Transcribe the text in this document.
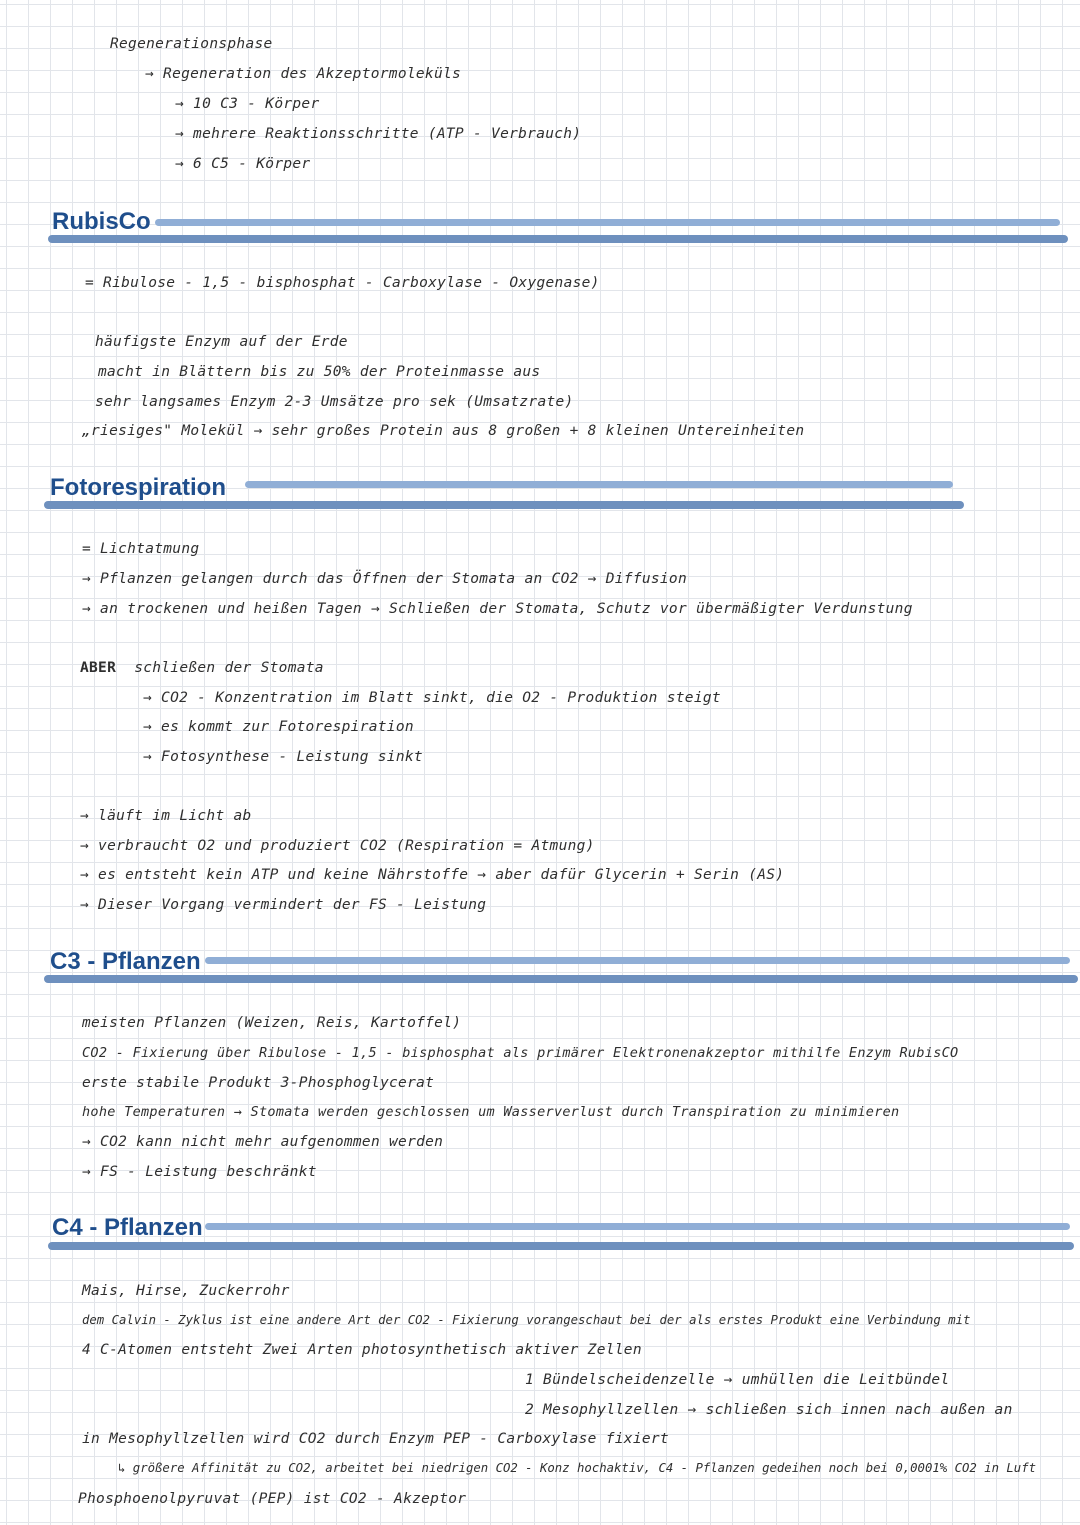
Regenerationsphase
→ Regeneration des Akzeptormoleküls
→ 10 C3 - Körper
→ mehrere Reaktionsschritte (ATP - Verbrauch)
→ 6 C5 - Körper
RubisCo
= Ribulose - 1,5 - bisphosphat - Carboxylase - Oxygenase)
häufigste Enzym auf der Erde
macht in Blättern bis zu 50% der Proteinmasse aus
sehr langsames Enzym 2-3 Umsätze pro sek (Umsatzrate)
„riesiges" Molekül → sehr großes Protein aus 8 großen + 8 kleinen Untereinheiten
Fotorespiration
= Lichtatmung
→ Pflanzen gelangen durch das Öffnen der Stomata an CO2 → Diffusion
→ an trockenen und heißen Tagen → Schließen der Stomata, Schutz vor übermäßigter Verdunstung
ABER schließen der Stomata
→ CO2 - Konzentration im Blatt sinkt, die O2 - Produktion steigt
→ es kommt zur Fotorespiration
→ Fotosynthese - Leistung sinkt
→ läuft im Licht ab
→ verbraucht O2 und produziert CO2 (Respiration = Atmung)
→ es entsteht kein ATP und keine Nährstoffe → aber dafür Glycerin + Serin (AS)
→ Dieser Vorgang vermindert der FS - Leistung
C3 - Pflanzen
meisten Pflanzen (Weizen, Reis, Kartoffel)
CO2 - Fixierung über Ribulose - 1,5 - bisphosphat als primärer Elektronenakzeptor mithilfe Enzym RubisCO
erste stabile Produkt 3-Phosphoglycerat
hohe Temperaturen → Stomata werden geschlossen um Wasserverlust durch Transpiration zu minimieren
→ CO2 kann nicht mehr aufgenommen werden
→ FS - Leistung beschränkt
C4 - Pflanzen
Mais, Hirse, Zuckerrohr
dem Calvin - Zyklus ist eine andere Art der CO2 - Fixierung vorangeschaut bei der als erstes Produkt eine Verbindung mit
4 C-Atomen entsteht Zwei Arten photosynthetisch aktiver Zellen
1 Bündelscheidenzelle → umhüllen die Leitbündel
2 Mesophyllzellen → schließen sich innen nach außen an
in Mesophyllzellen wird CO2 durch Enzym PEP - Carboxylase fixiert
↳ größere Affinität zu CO2, arbeitet bei niedrigen CO2 - Konz hochaktiv, C4 - Pflanzen gedeihen noch bei 0,0001% CO2 in Luft
Phosphoenolpyruvat (PEP) ist CO2 - Akzeptor
